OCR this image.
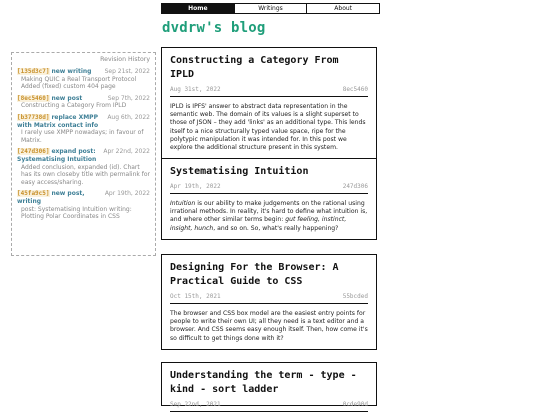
Home	Writings	About
dvdrw's blog
Revision History
[135d3c7] new writing Sep 21st, 2022
Making QUIC a Real Transport Protocol
Added (fixed) custom 404 page
[8ec5460] new post	Sep 7th, 2022
Constructing a Category From IPLD
[b37738d] replace XMPP with Matrix contact info
Aug 6th, 2022
I rarely use XMPP nowadays; in favour of Matrix.
[247d306] expand post: Systematising Intuition
Apr 22nd, 2022
Added conclusion, expanded (id). Chart has its own closeby title with permalink for easy access/sharing.
[45fa9c5] new post, writing
Apr 19th, 2022
post: Systematising Intuition writing: Plotting Polar Coordinates in CSS
Constructing a Category From IPLD
Aug 31st, 2022	8ec5460
IPLD is IPFS' answer to abstract data representation in the semantic web. The domain of its values is a slight superset to those of JSON – they add 'links' as an additional type. This lends itself to a nice structurally typed value space, ripe for the polytypic manipulation it was intended for. In this post we explore the additional structure present in this system.
Systematising Intuition
Apr 19th, 2022	247d306
Intuition is our ability to make judgements on the rational using irrational methods. In reality, it's hard to define what intuition is, and where other similar terms begin: gut feeling, instinct, insight, hunch, and so on. So, what's really happening?
Designing For the Browser: A Practical Guide to CSS
Oct 15th, 2021	55bcded
The browser and CSS box model are the easiest entry points for people to write their own UI; all they need is a text editor and a browser. And CSS seems easy enough itself. Then, how come it's so difficult to get things done with it?
Understanding the term - type - kind - sort ladder
Sep 22nd, 2021	0cde90d
